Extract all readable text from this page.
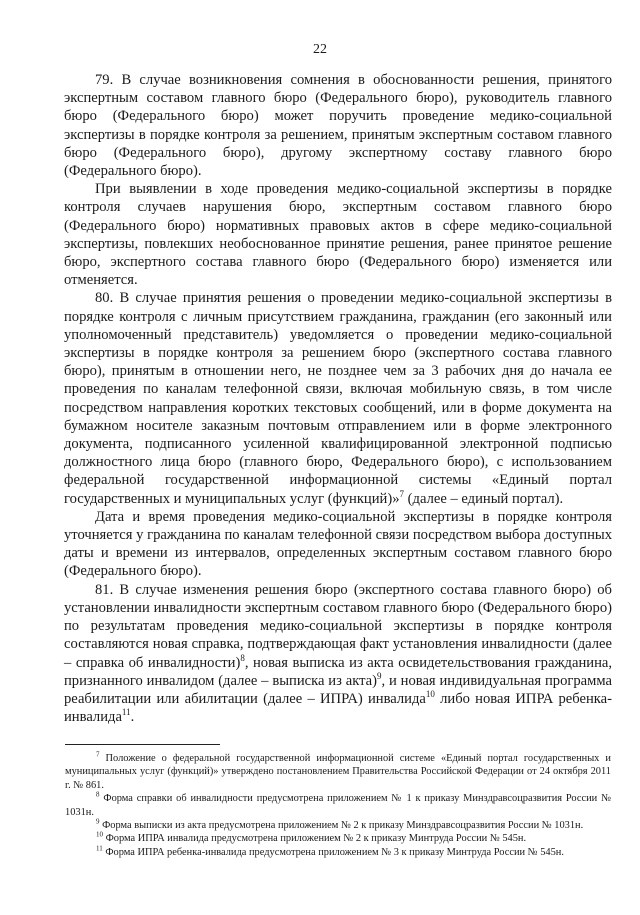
22

79. В случае возникновения сомнения в обоснованности решения, принятого экспертным составом главного бюро (Федерального бюро), руководитель главного бюро (Федерального бюро) может поручить проведение медико-социальной экспертизы в порядке контроля за решением, принятым экспертным составом главного бюро (Федерального бюро), другому экспертному составу главного бюро (Федерального бюро).

При выявлении в ходе проведения медико-социальной экспертизы в порядке контроля случаев нарушения бюро, экспертным составом главного бюро (Федерального бюро) нормативных правовых актов в сфере медико-социальной экспертизы, повлекших необоснованное принятие решения, ранее принятое решение бюро, экспертного состава главного бюро (Федерального бюро) изменяется или отменяется.

80. В случае принятия решения о проведении медико-социальной экспертизы в порядке контроля с личным присутствием гражданина, гражданин (его законный или уполномоченный представитель) уведомляется о проведении медико-социальной экспертизы в порядке контроля за решением бюро (экспертного состава главного бюро), принятым в отношении него, не позднее чем за 3 рабочих дня до начала ее проведения по каналам телефонной связи, включая мобильную связь, в том числе посредством направления коротких текстовых сообщений, или в форме документа на бумажном носителе заказным почтовым отправлением или в форме электронного документа, подписанного усиленной квалифицированной электронной подписью должностного лица бюро (главного бюро, Федерального бюро), с использованием федеральной государственной информационной системы «Единый портал государственных и муниципальных услуг (функций)»$^7$ (далее – единый портал).

Дата и время проведения медико-социальной экспертизы в порядке контроля уточняется у гражданина по каналам телефонной связи посредством выбора доступных даты и времени из интервалов, определенных экспертным составом главного бюро (Федерального бюро).

81. В случае изменения решения бюро (экспертного состава главного бюро) об установлении инвалидности экспертным составом главного бюро (Федерального бюро) по результатам проведения медико-социальной экспертизы в порядке контроля составляются новая справка, подтверждающая факт установления инвалидности (далее – справка об инвалидности)$^8$, новая выписка из акта освидетельствования гражданина, признанного инвалидом (далее – выписка из акта)$^9$, и новая индивидуальная программа реабилитации или абилитации (далее – ИПРА) инвалида$^{10}$ либо новая ИПРА ребенка-инвалида$^{11}$.

$^7$ Положение о федеральной государственной информационной системе «Единый портал государственных и муниципальных услуг (функций)» утверждено постановлением Правительства Российской Федерации от 24 октября 2011 г. № 861.

$^8$ Форма справки об инвалидности предусмотрена приложением № 1 к приказу Минздравсоцразвития России № 1031н.

$^9$ Форма выписки из акта предусмотрена приложением № 2 к приказу Минздравсоцразвития России № 1031н.

$^{10}$ Форма ИПРА инвалида предусмотрена приложением № 2 к приказу Минтруда России № 545н.

$^{11}$ Форма ИПРА ребенка-инвалида предусмотрена приложением № 3 к приказу Минтруда России № 545н.
